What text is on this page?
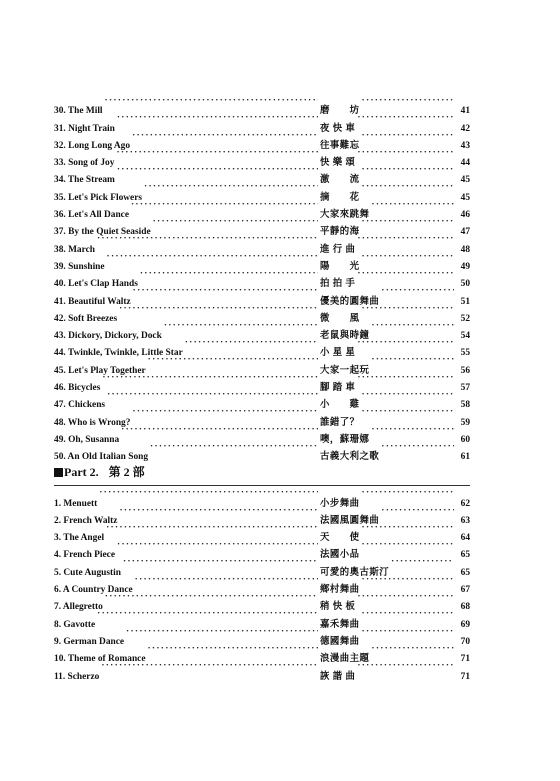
30. The Mill ·····	磨　　坊 ·····	41
31. Night Train ·····	夜 快 車 ·····	42
32. Long Long Ago ·····	往事難忘 ·····	43
33. Song of Joy ·····	快 樂 頌 ·····	44
34. The Stream ·····	激　　流 ·····	45
35. Let's Pick Flowers ·····	摘　　花 ·····	45
36. Let's All Dance ·····	大家來跳舞 ·····	46
37. By the Quiet Seaside ·····	平靜的海 ·····	47
38. March ·····	進 行 曲 ·····	48
39. Sunshine ·····	陽　　光 ·····	49
40. Let's Clap Hands ·····	拍 拍 手 ·····	50
41. Beautiful Waltz ·····	優美的圓舞曲 ·····	51
42. Soft Breezes ·····	微　　風 ·····	52
43. Dickory, Dickory, Dock ·····	老鼠與時鐘 ·····	54
44. Twinkle, Twinkle, Little Star ·····	小 星 星 ·····	55
45. Let's Play Together ·····	大家一起玩 ·····	56
46. Bicycles ·····	腳 踏 車 ·····	57
47. Chickens ·····	小　　雞 ·····	58
48. Who is Wrong? ·····	誰錯了？ ·····	59
49. Oh, Susanna ·····	噢，蘇珊娜 ·····	60
50. An Old Italian Song ·····	古義大利之歌 ·····	61
Part 2. 第 2 部
1. Menuett ·····	小步舞曲 ·····	62
2. French Waltz ·····	法國風圓舞曲 ·····	63
3. The Angel ·····	天　　使 ·····	64
4. French Piece ·····	法國小品 ·····	65
5. Cute Augustin ·····	可愛的奧古斯汀 ·····	65
6. A Country Dance ·····	鄉村舞曲 ·····	67
7. Allegretto ·····	稍 快 板 ·····	68
8. Gavotte ·····	嘉禾舞曲 ·····	69
9. German Dance ·····	德國舞曲 ·····	70
10. Theme of Romance ·····	浪漫曲主題 ·····	71
11. Scherzo ·····	詼 諧 曲 ·····	71
